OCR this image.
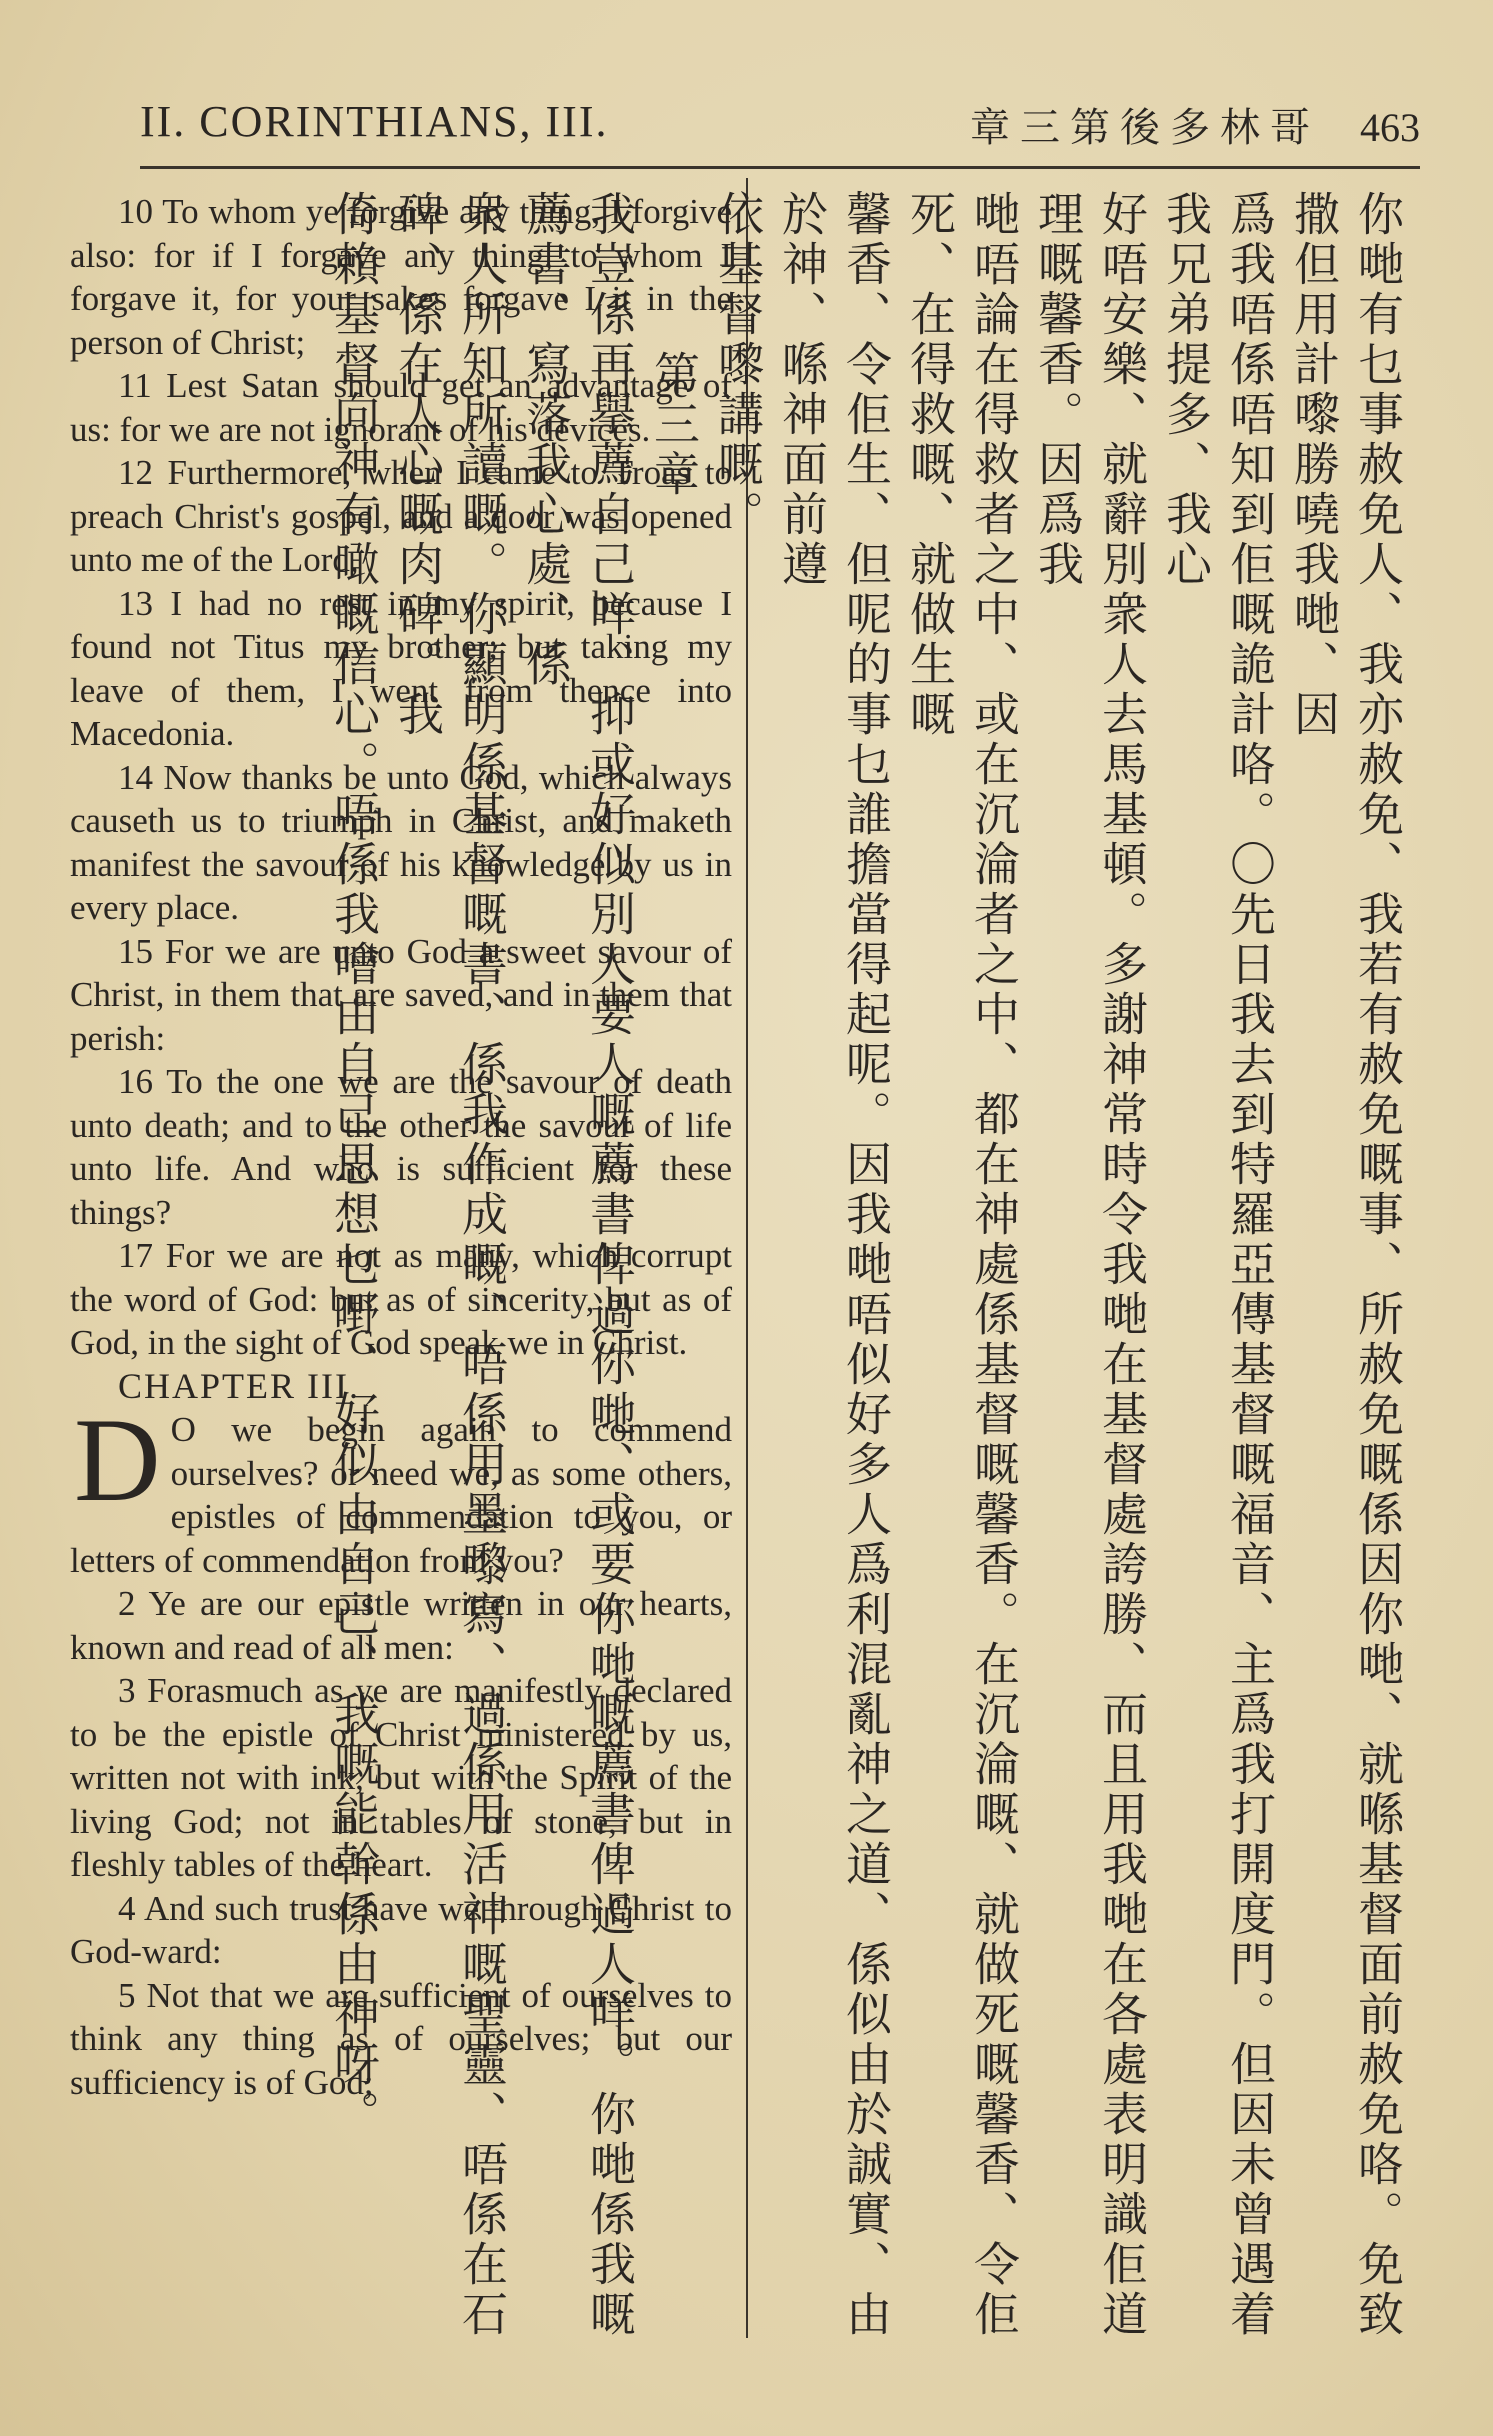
II. CORINTHIANS, III.	哥林多後第三章 463

10 To whom ye forgive any thing, I forgive also: for if I forgave any thing, to whom I forgave it, for your sakes forgave I it in the person of Christ;

11 Lest Satan should get an advantage of us: for we are not ignorant of his devices.

12 Furthermore, when I came to Troas to preach Christ's gospel, and a door was opened unto me of the Lord,

13 I had no rest in my spirit, because I found not Titus my brother; but taking my leave of them, I went from thence into Macedonia.

14 Now thanks be unto God, which always causeth us to triumph in Christ, and maketh manifest the savour of his knowledge by us in every place.

15 For we are unto God a sweet savour of Christ, in them that are saved, and in them that perish:

16 To the one we are the savour of death unto death; and to the other the savour of life unto life. And who is sufficient for these things?

17 For we are not as many, which corrupt the word of God: but as of sincerity, but as of God, in the sight of God speak we in Christ.

CHAPTER III.

D O we begin again to commend ourselves? or need we, as some others, epistles of commendation to you, or letters of commendation from you?

2 Ye are our epistle written in our hearts, known and read of all men:

3 Forasmuch as ye are manifestly declared to be the epistle of Christ ministered by us, written not with ink, but with the Spirit of the living God; not in tables of stone, but in fleshly tables of the heart.

4 And such trust have we through Christ to God-ward:

5 Not that we are sufficient of ourselves to think any thing as of ourselves; but our sufficiency is of God;	你哋有乜事赦免人、我亦赦免、我若有赦免嘅事、所赦免嘅係因你哋、就喺基督面前赦免咯。免致撒但用計嚟勝嘵我哋、因

爲我唔係唔知到佢嘅詭計咯。〇先日我去到特羅亞傳基督嘅福音、主爲我打開度門。但因未曾遇着我兄弟提多、我心

好唔安樂、就辭別衆人去馬基頓。多謝神常時令我哋在基督處誇勝、而且用我哋在各處表明識佢道理嘅馨香。因爲我

哋唔論在得救者之中、或在沉淪者之中、都在神處係基督嘅馨香。在沉淪嘅、就做死嘅馨香、令佢死、在得救嘅、就做生嘅

馨香、令佢生、但呢的事乜誰擔當得起呢。因我哋唔似好多人爲利混亂神之道、係似由於誠實、由於神、喺神面前遵

依基督嚟講嘅。

第三章

我豈係再擧薦自己咩、抑或好似別人要人嘅薦書俾過你哋、或要你哋嘅薦書俾過人咩。你哋係我嘅薦書、寫落我心處、係

衆人所知所讀嘅。你顯明係基督嘅書、係我作成嘅、唔係用墨嚟寫、過係用活神嘅聖靈、唔係在石碑、係在人心嘅肉碑。我

倚賴基督向神有噉嘅信心。唔係我噲由自己思想乜嘢、好似由自己、我嘅能幹係由神呀。
